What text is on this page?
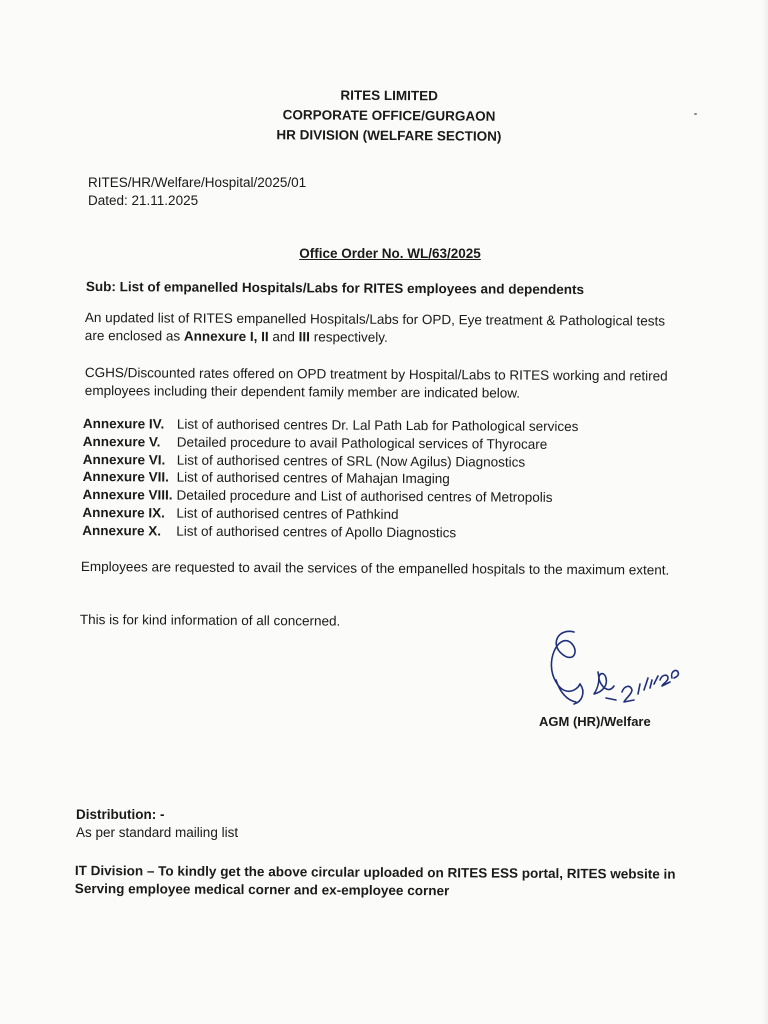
RITES LIMITED
CORPORATE OFFICE/GURGAON
HR DIVISION (WELFARE SECTION)
RITES/HR/Welfare/Hospital/2025/01
Dated: 21.11.2025
Office Order No. WL/63/2025
Sub: List of empanelled Hospitals/Labs for RITES employees and dependents
An updated list of RITES empanelled Hospitals/Labs for OPD, Eye treatment & Pathological tests are enclosed as Annexure I, II and III respectively.
CGHS/Discounted rates offered on OPD treatment by Hospital/Labs to RITES working and retired employees including their dependent family member are indicated below.
Annexure IV. List of authorised centres Dr. Lal Path Lab for Pathological services
Annexure V.	Detailed procedure to avail Pathological services of Thyrocare
Annexure VI. List of authorised centres of SRL (Now Agilus) Diagnostics
Annexure VII. List of authorised centres of Mahajan Imaging
Annexure VIII. Detailed procedure and List of authorised centres of Metropolis
Annexure IX. List of authorised centres of Pathkind
Annexure X.	List of authorised centres of Apollo Diagnostics
Employees are requested to avail the services of the empanelled hospitals to the maximum extent.
This is for kind information of all concerned.
AGM (HR)/Welfare
Distribution: -
As per standard mailing list
IT Division – To kindly get the above circular uploaded on RITES ESS portal, RITES website in Serving employee medical corner and ex-employee corner
